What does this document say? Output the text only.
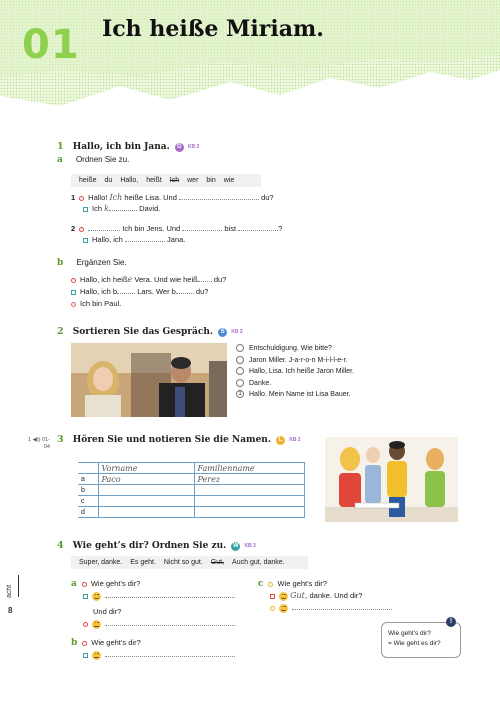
01 Ich heiße Miriam.
1 Hallo, ich bin Jana. G KB 2
a Ordnen Sie zu.
heiße du Hallo, heißt Ich wer bin wie
1 Hallo! Ich heiße Lisa. Und	du?
Ich k	David.
2	Ich bin Jens. Und	bist	?
Hallo, ich	Jana.
b Ergänzen Sie.
Hallo, ich heiße Vera. Und wie heiß du?
Hallo, ich b	Lars. Wer b	du?
Ich bin Paul.
2 Sortieren Sie das Gespräch. S KB 2
Entschuldigung. Wie bitte?
Jaron Miller. J-a-r-o-n M-i-l-l-e-r.
Hallo, Lisa. Ich heiße Jaron Miller.
Danke.
1 Hallo. Mein Name ist Lisa Bauer.
1 ◀)) 01-04
3 Hören Sie und notieren Sie die Namen. L KB 2
	Vorname	Familienname
a	Paco	Perez
b		
c		
d		
4 Wie geht’s dir? Ordnen Sie zu. W KB 3
Super, danke. Es geht. Nicht so gut. Gut, Auch gut, danke.
a Wie geht’s dir?
Und dir?
b Wie geht’s dir?
c Wie geht’s dir?
Gut, danke. Und dir?
Wie geht’s dir?
= Wie geht es dir?
!
acht
8
